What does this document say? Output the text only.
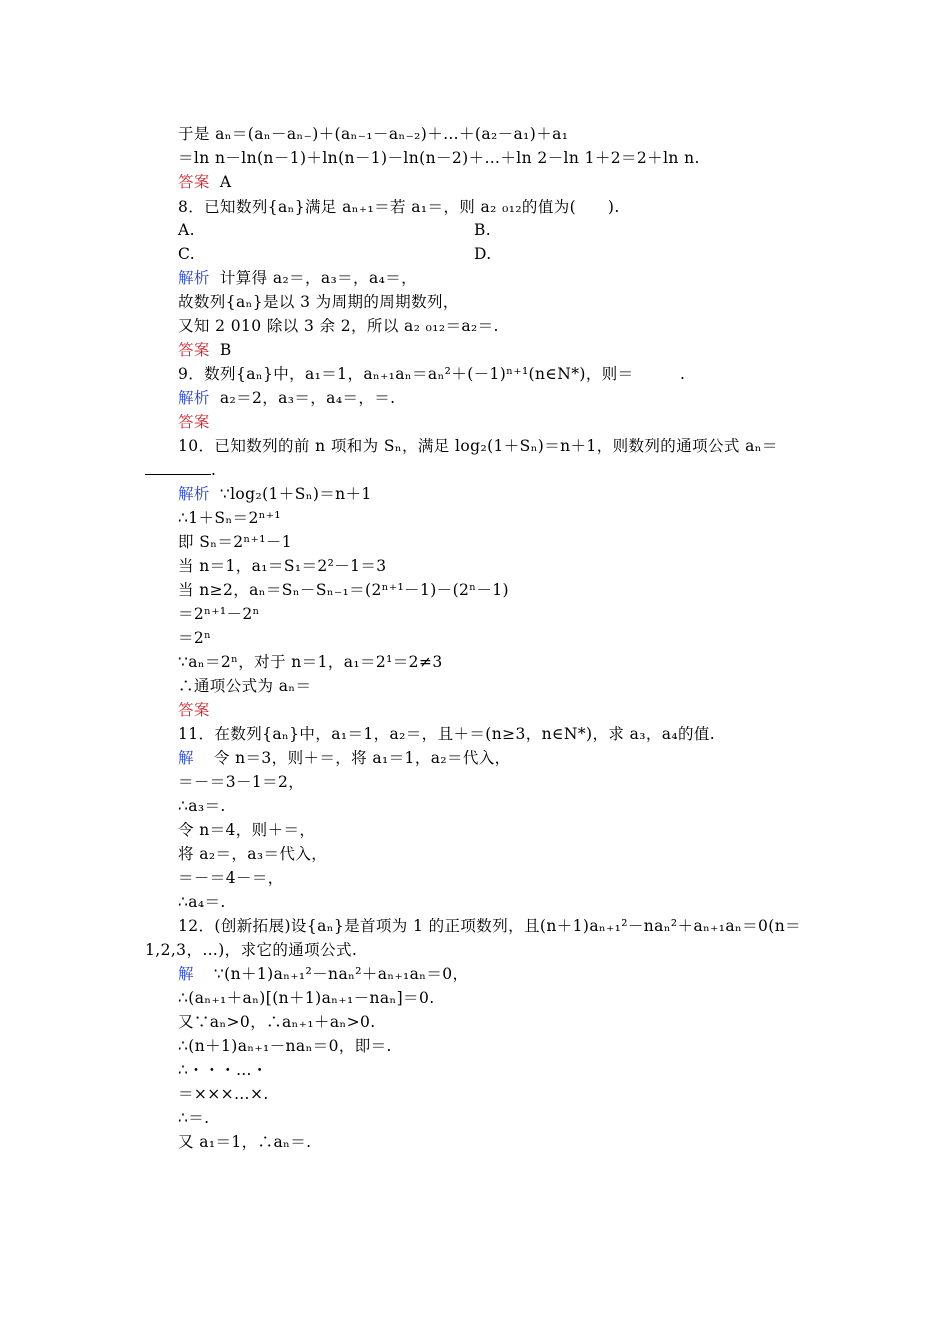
于是 aₙ＝(aₙ－aₙ₋)＋(aₙ₋₁－aₙ₋₂)＋…＋(a₂－a₁)＋a₁
＝ln n－ln(n－1)＋ln(n－1)－ln(n－2)＋…＋ln 2－ln 1＋2＝2＋ln n.
答案 A
8．已知数列{aₙ}满足 aₙ₊₁＝若 a₁＝，则 a₂ ₀₁₂的值为(　　).
A.	B.
C.	D.
解析 计算得 a₂＝，a₃＝，a₄＝，
故数列{aₙ}是以 3 为周期的周期数列，
又知 2 010 除以 3 余 2，所以 a₂ ₀₁₂＝a₂＝.
答案 B
9．数列{aₙ}中，a₁＝1，aₙ₊₁aₙ＝aₙ²＋(－1)ⁿ⁺¹(n∈N*)，则＝	.
解析 a₂＝2，a₃＝，a₄＝，＝.
答案
10．已知数列的前 n 项和为 Sₙ，满足 log₂(1＋Sₙ)＝n＋1，则数列的通项公式 aₙ＝
.
解析 ∵log₂(1＋Sₙ)＝n＋1
∴1＋Sₙ＝2ⁿ⁺¹
即 Sₙ＝2ⁿ⁺¹－1
当 n＝1，a₁＝S₁＝2²－1＝3
当 n≥2，aₙ＝Sₙ－Sₙ₋₁＝(2ⁿ⁺¹－1)－(2ⁿ－1)
＝2ⁿ⁺¹－2ⁿ
＝2ⁿ
∵aₙ＝2ⁿ，对于 n＝1，a₁＝2¹＝2≠3
∴通项公式为 aₙ＝
答案
11．在数列{aₙ}中，a₁＝1，a₂＝，且＋＝(n≥3，n∈N*)，求 a₃，a₄的值.
解 令 n＝3，则＋＝，将 a₁＝1，a₂＝代入，
＝－＝3－1＝2，
∴a₃＝.
令 n＝4，则＋＝，
将 a₂＝，a₃＝代入，
＝－＝4－＝，
∴a₄＝.
12．(创新拓展)设{aₙ}是首项为 1 的正项数列，且(n＋1)aₙ₊₁²－naₙ²＋aₙ₊₁aₙ＝0(n＝
1,2,3，…)，求它的通项公式.
解 ∵(n＋1)aₙ₊₁²－naₙ²＋aₙ₊₁aₙ＝0，
∴(aₙ₊₁＋aₙ)[(n＋1)aₙ₊₁－naₙ]＝0.
又∵aₙ>0，∴aₙ₊₁＋aₙ>0.
∴(n＋1)aₙ₊₁－naₙ＝0，即＝.
∴・・・…・
＝×××…×.
∴＝.
又 a₁＝1，∴aₙ＝.
